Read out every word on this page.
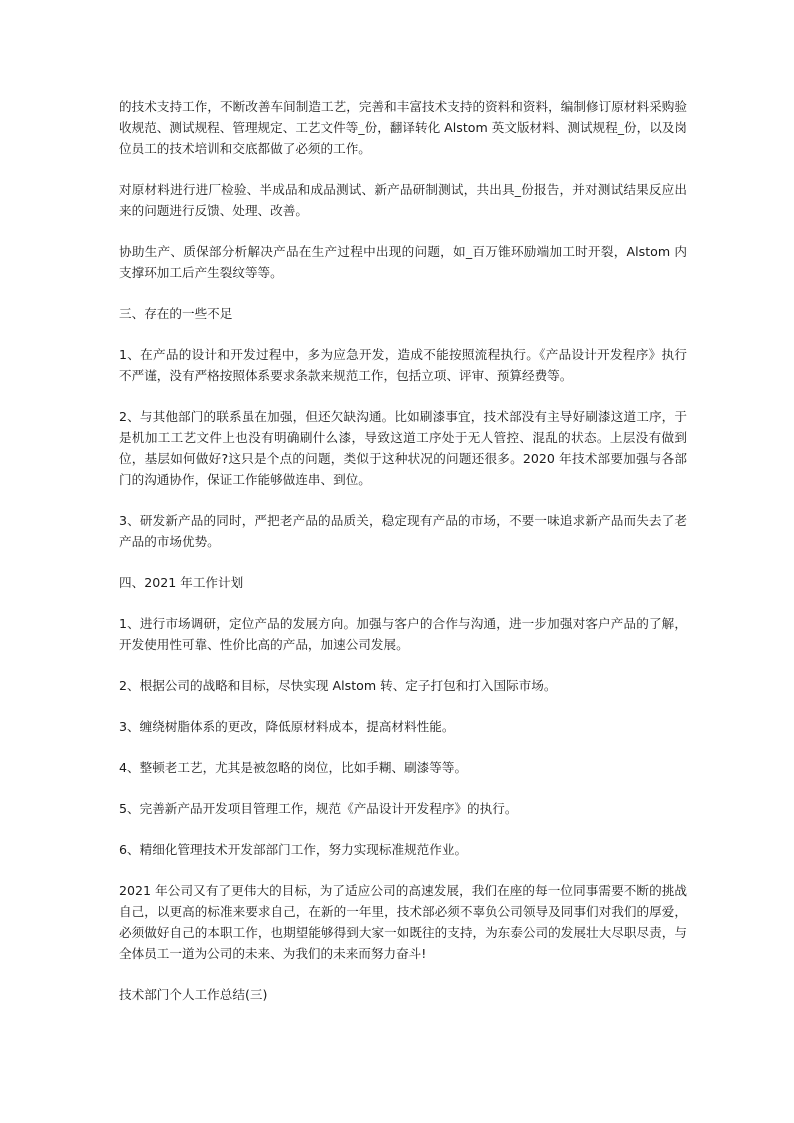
的技术支持工作，不断改善车间制造工艺，完善和丰富技术支持的资料和资料，编制修订原材料采购验收规范、测试规程、管理规定、工艺文件等_份，翻译转化 Alstom 英文版材料、测试规程_份，以及岗位员工的技术培训和交底都做了必须的工作。

对原材料进行进厂检验、半成品和成品测试、新产品研制测试，共出具_份报告，并对测试结果反应出来的问题进行反馈、处理、改善。

协助生产、质保部分析解决产品在生产过程中出现的问题，如_百万锥环励端加工时开裂，Alstom 内支撑环加工后产生裂纹等等。

三、存在的一些不足

1、在产品的设计和开发过程中，多为应急开发，造成不能按照流程执行。《产品设计开发程序》执行不严谨，没有严格按照体系要求条款来规范工作，包括立项、评审、预算经费等。

2、与其他部门的联系虽在加强，但还欠缺沟通。比如刷漆事宜，技术部没有主导好刷漆这道工序，于是机加工工艺文件上也没有明确刷什么漆，导致这道工序处于无人管控、混乱的状态。上层没有做到位，基层如何做好?这只是个点的问题，类似于这种状况的问题还很多。2020 年技术部要加强与各部门的沟通协作，保证工作能够做连串、到位。

3、研发新产品的同时，严把老产品的品质关，稳定现有产品的市场，不要一味追求新产品而失去了老产品的市场优势。

四、2021 年工作计划

1、进行市场调研，定位产品的发展方向。加强与客户的合作与沟通，进一步加强对客户产品的了解，开发使用性可靠、性价比高的产品，加速公司发展。

2、根据公司的战略和目标，尽快实现 Alstom 转、定子打包和打入国际市场。

3、缠绕树脂体系的更改，降低原材料成本，提高材料性能。

4、整顿老工艺，尤其是被忽略的岗位，比如手糊、刷漆等等。

5、完善新产品开发项目管理工作，规范《产品设计开发程序》的执行。

6、精细化管理技术开发部部门工作，努力实现标准规范作业。

2021 年公司又有了更伟大的目标，为了适应公司的高速发展，我们在座的每一位同事需要不断的挑战自己，以更高的标准来要求自己，在新的一年里，技术部必须不辜负公司领导及同事们对我们的厚爱，必须做好自己的本职工作，也期望能够得到大家一如既往的支持，为东泰公司的发展壮大尽职尽责，与全体员工一道为公司的未来、为我们的未来而努力奋斗!

技术部门个人工作总结(三)
